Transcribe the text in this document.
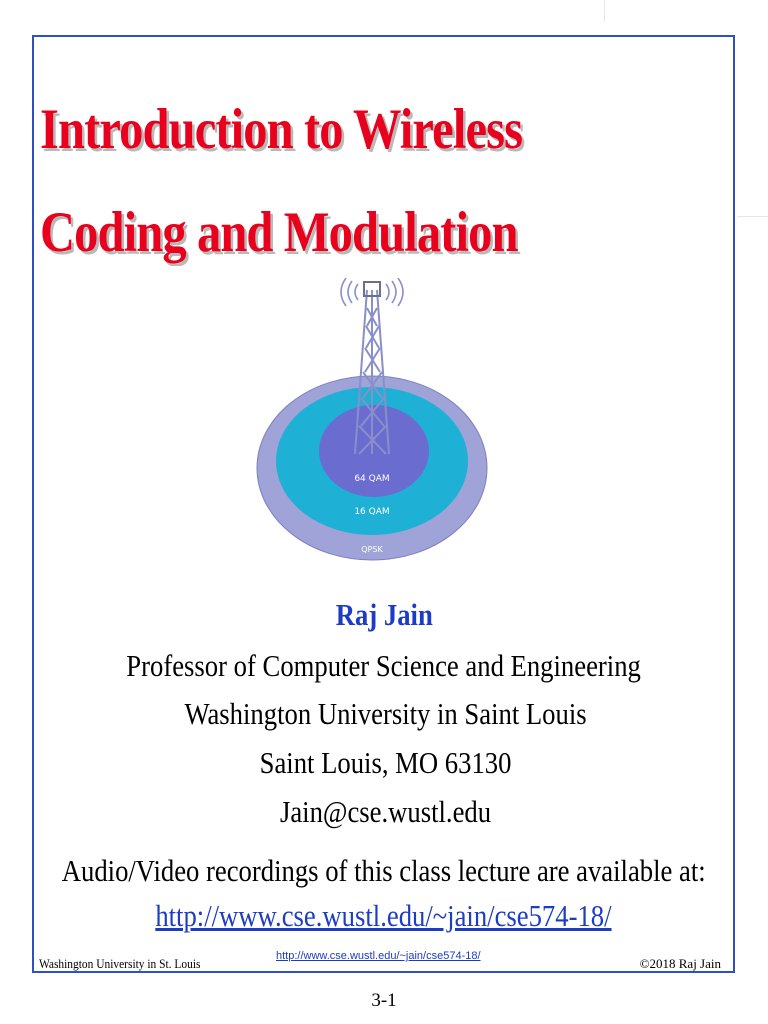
Introduction to Wireless
Coding and Modulation
64 QAM
16 QAM
QPSK
Raj Jain
Professor of Computer Science and Engineering
Washington University in Saint Louis
Saint Louis, MO 63130
Jain@cse.wustl.edu
Audio/Video recordings of this class lecture are available at:
http://www.cse.wustl.edu/~jain/cse574-18/
Washington University in St. Louis	http://www.cse.wustl.edu/~jain/cse574-18/	©2018 Raj Jain
3-1
